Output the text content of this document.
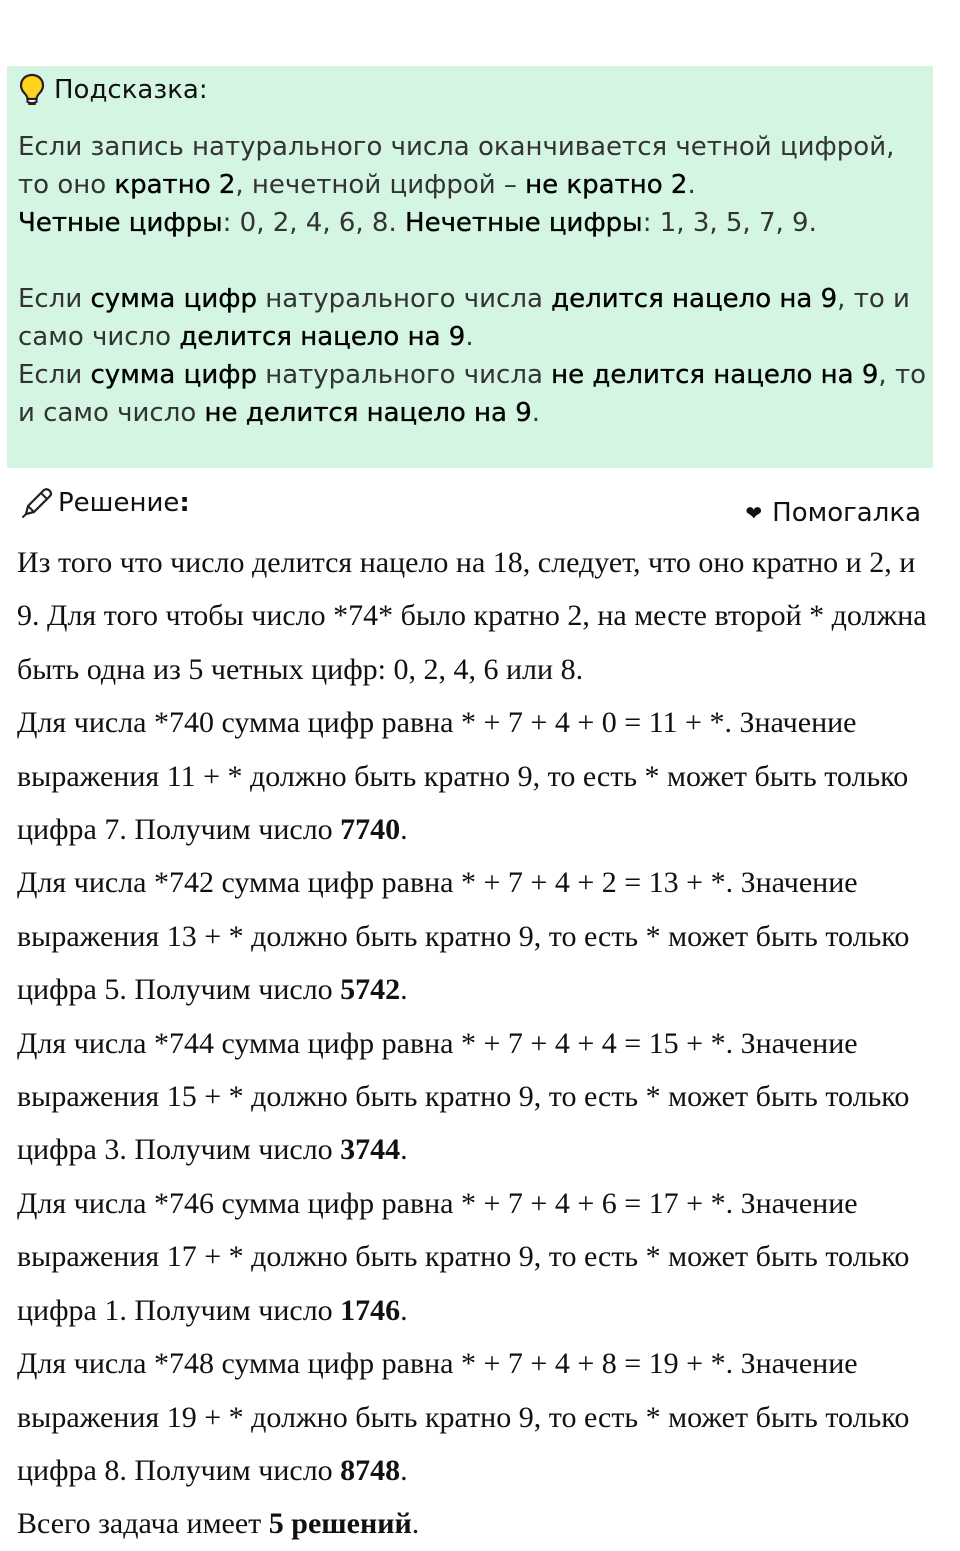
Подсказка:

Если запись натурального числа оканчивается четной цифрой, то оно кратно 2, нечетной цифрой – не кратно 2.

Четные цифры: 0, 2, 4, 6, 8. Нечетные цифры: 1, 3, 5, 7, 9.

Если сумма цифр натурального числа делится нацело на 9, то и само число делится нацело на 9.

Если сумма цифр натурального числа не делится нацело на 9, то и само число не делится нацело на 9.

❤ Помогалка
Решение :

Из того что число делится нацело на 18, следует, что оно кратно и 2, и 9. Для того чтобы число *74* было кратно 2, на месте второй * должна быть одна из 5 четных цифр: 0, 2, 4, 6 или 8.

Для числа *740 сумма цифр равна * + 7 + 4 + 0 = 11 + *. Значение выражения 11 + * должно быть кратно 9, то есть * может быть только цифра 7. Получим число 7740.

Для числа *742 сумма цифр равна * + 7 + 4 + 2 = 13 + *. Значение выражения 13 + * должно быть кратно 9, то есть * может быть только цифра 5. Получим число 5742.

Для числа *744 сумма цифр равна * + 7 + 4 + 4 = 15 + *. Значение выражения 15 + * должно быть кратно 9, то есть * может быть только цифра 3. Получим число 3744.

Для числа *746 сумма цифр равна * + 7 + 4 + 6 = 17 + *. Значение выражения 17 + * должно быть кратно 9, то есть * может быть только цифра 1. Получим число 1746.

Для числа *748 сумма цифр равна * + 7 + 4 + 8 = 19 + *. Значение выражения 19 + * должно быть кратно 9, то есть * может быть только цифра 8. Получим число 8748.

Всего задача имеет 5 решений.
